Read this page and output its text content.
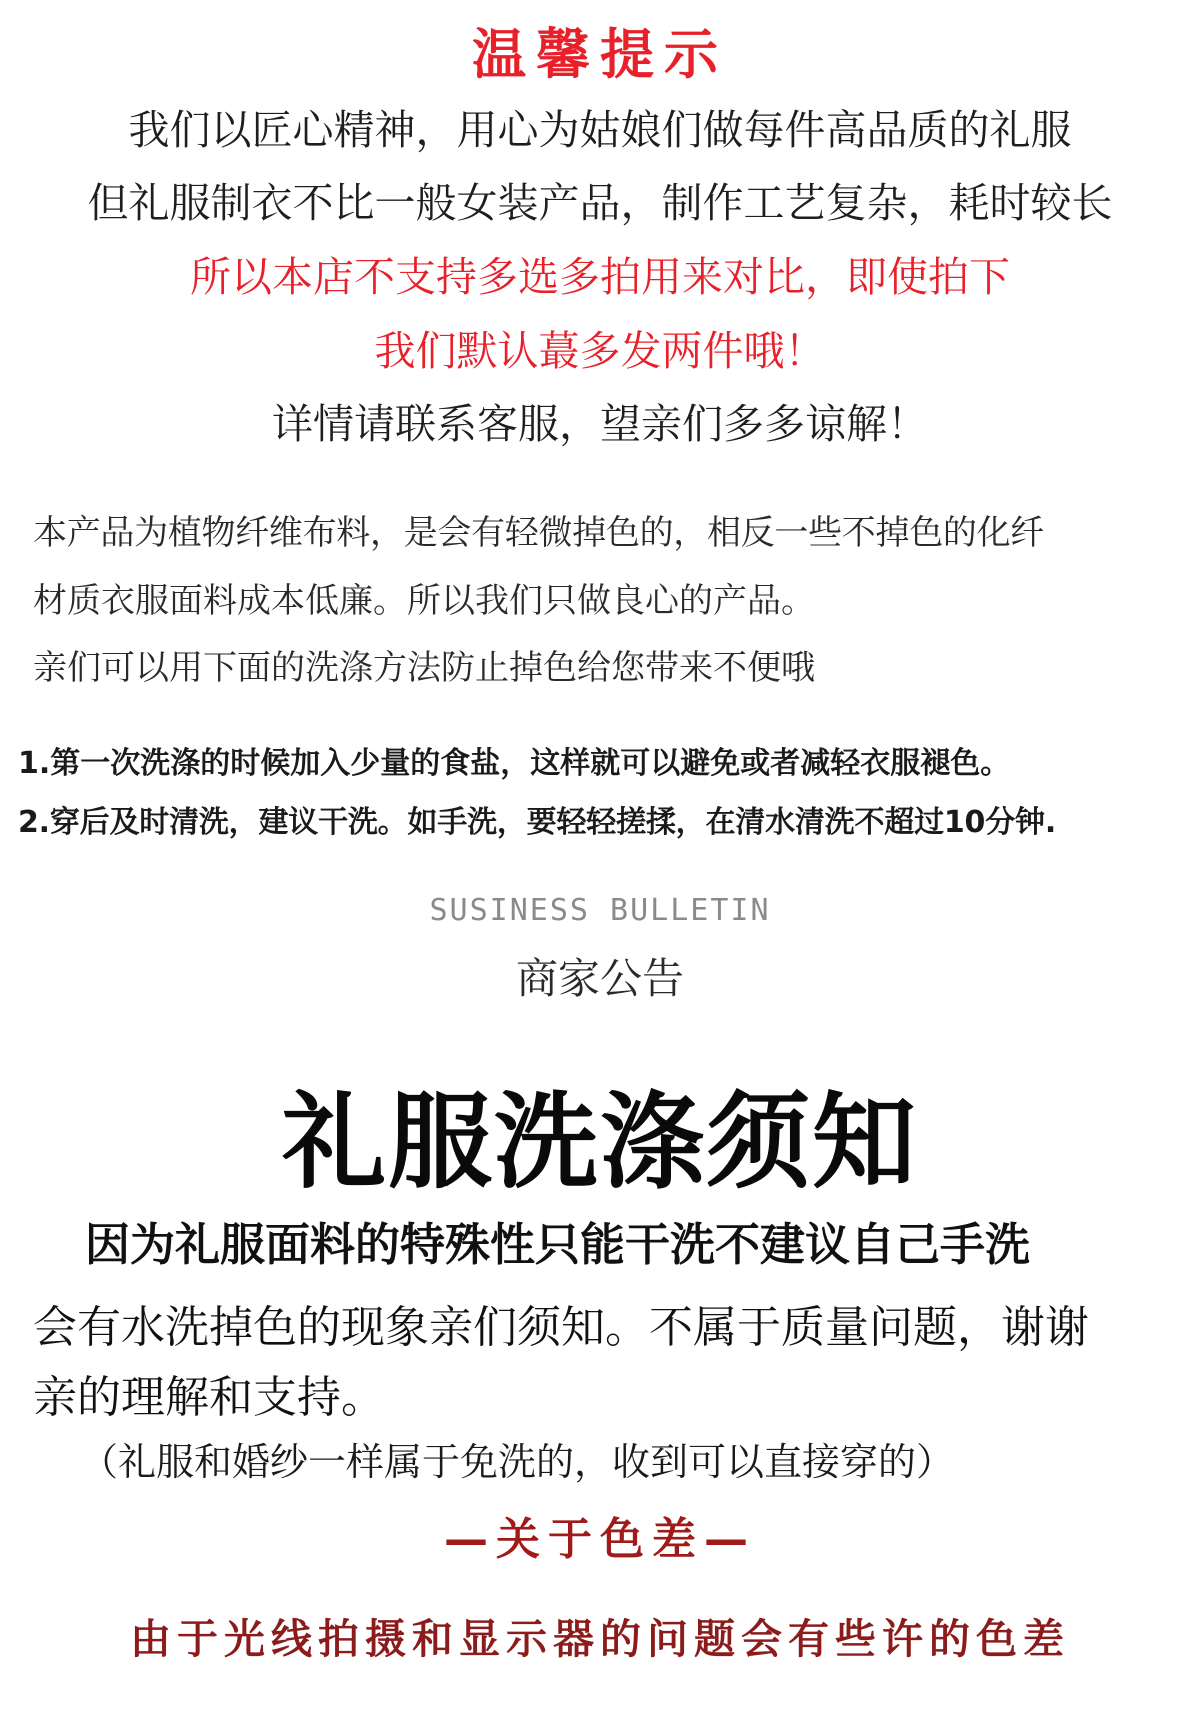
温馨提示
我们以匠心精神，用心为姑娘们做每件高品质的礼服
但礼服制衣不比一般女装产品，制作工艺复杂，耗时较长
所以本店不支持多选多拍用来对比，即使拍下
我们默认蕞多发两件哦！
详情请联系客服，望亲们多多谅解！
本产品为植物纤维布料，是会有轻微掉色的，相反一些不掉色的化纤
材质衣服面料成本低廉。所以我们只做良心的产品。
亲们可以用下面的洗涤方法防止掉色给您带来不便哦
1.第一次洗涤的时候加入少量的食盐，这样就可以避免或者减轻衣服褪色。
2.穿后及时清洗，建议干洗。如手洗，要轻轻搓揉，在清水清洗不超过10分钟.
SUSINESS BULLETIN
商家公告
礼服洗涤须知
因为礼服面料的特殊性只能干洗不建议自己手洗
会有水洗掉色的现象亲们须知。不属于质量问题，谢谢
亲的理解和支持。
（礼服和婚纱一样属于免洗的，收到可以直接穿的）
—关于色差—
由于光线拍摄和显示器的问题会有些许的色差
